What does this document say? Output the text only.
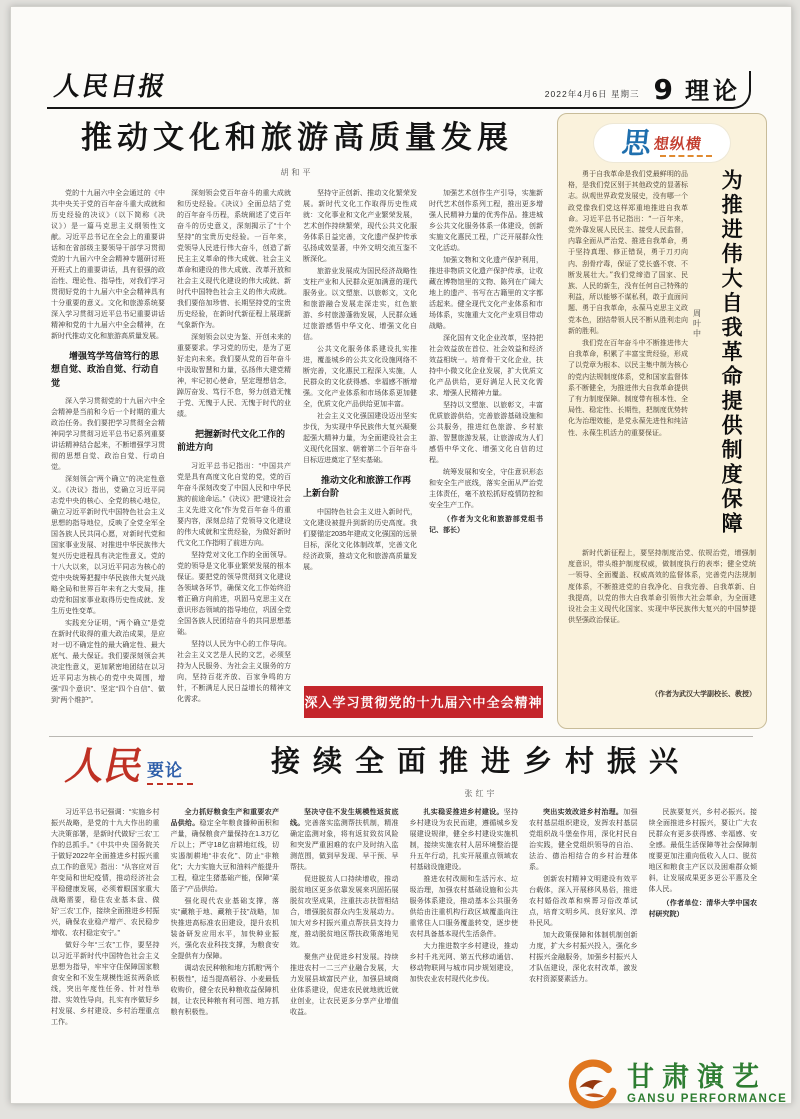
人民日报	2022年4月6日 星期三 9 理论
推动文化和旅游高质量发展
胡和平
深入学习贯彻党的十九届六中全会精神

党的十九届六中全会通过的《中共中央关于党的百年奋斗重大成就和历史经验的决议》（以下简称《决议》）是一篇马克思主义纲领性文献。习近平总书记在全会上的重要讲话和在省部级主要领导干部学习贯彻党的十九届六中全会精神专题研讨班开班式上的重要讲话，具有很强的政治性、理论性、指导性，对我们学习贯彻好党的十九届六中全会精神具有十分重要的意义。文化和旅游系统要深入学习贯彻习近平总书记重要讲话精神和党的十九届六中全会精神，在新时代推动文化和旅游高质量发展。

增强笃学笃信笃行的思想自觉、政治自觉、行动自觉

深入学习贯彻党的十九届六中全会精神是当前和今后一个时期的重大政治任务。我们要把学习贯彻全会精神同学习贯彻习近平总书记系列重要讲话精神结合起来，不断增强学习贯彻的思想自觉、政治自觉、行动自觉。

深刻领会“两个确立”的决定性意义。《决议》指出，党确立习近平同志党中央的核心、全党的核心地位，确立习近平新时代中国特色社会主义思想的指导地位，反映了全党全军全国各族人民共同心愿，对新时代党和国家事业发展、对推进中华民族伟大复兴历史进程具有决定性意义。党的十八大以来，以习近平同志为核心的党中央统筹把握中华民族伟大复兴战略全局和世界百年未有之大变局，推动党和国家事业取得历史性成就、发生历史性变革。

实践充分证明，“两个确立”是党在新时代取得的重大政治成果，是应对一切不确定性的最大确定性、最大底气、最大保证。我们要深刻领会其决定性意义，更加紧密地团结在以习近平同志为核心的党中央周围，增强“四个意识”、坚定“四个自信”、做到“两个维护”。

深刻领会党百年奋斗的重大成就和历史经验。《决议》全面总结了党的百年奋斗历程，系统阐述了党百年奋斗的历史意义，深刻揭示了“十个坚持”的宝贵历史经验。一百年来，党领导人民进行伟大奋斗，创造了新民主主义革命的伟大成就、社会主义革命和建设的伟大成就、改革开放和社会主义现代化建设的伟大成就、新时代中国特色社会主义的伟大成就。我们要倍加珍惜、长期坚持党的宝贵历史经验，在新时代新征程上展现新气象新作为。

深刻领会以史为鉴、开创未来的重要要求。学习党的历史，是为了更好走向未来。我们要从党的百年奋斗中汲取智慧和力量，弘扬伟大建党精神，牢记初心使命，坚定理想信念，踔厉奋发、笃行不怠，努力创造无愧于党、无愧于人民、无愧于时代的业绩。

把握新时代文化工作的前进方向

习近平总书记指出：“中国共产党是具有高度文化自觉的党，党的百年奋斗深刻改变了中国人民和中华民族的前途命运。”《决议》把“建设社会主义先进文化”作为党百年奋斗的重要内容，深刻总结了党领导文化建设的伟大成就和宝贵经验，为做好新时代文化工作指明了前进方向。

坚持党对文化工作的全面领导。党的领导是文化事业繁荣发展的根本保证。要把党的领导贯彻到文化建设各领域各环节，确保文化工作始终沿着正确方向前进，巩固马克思主义在意识形态领域的指导地位，巩固全党全国各族人民团结奋斗的共同思想基础。

坚持以人民为中心的工作导向。社会主义文艺是人民的文艺，必须坚持为人民服务、为社会主义服务的方向，坚持百花齐放、百家争鸣的方针，不断满足人民日益增长的精神文化需求。

坚持守正创新、推动文化繁荣发展。新时代文化工作取得历史性成就：文化事业和文化产业繁荣发展，艺术创作持续繁荣，现代公共文化服务体系日益完善，文化遗产保护传承弘扬成效显著，中外文明交流互鉴不断深化。

旅游业发展成为国民经济战略性支柱产业和人民群众更加满意的现代服务业。以文塑旅、以旅彰文，文化和旅游融合发展走深走实，红色旅游、乡村旅游蓬勃发展，人民群众通过旅游感悟中华文化、增强文化自信。

公共文化服务体系建设扎实推进，覆盖城乡的公共文化设施网络不断完善，文化惠民工程深入实施，人民群众的文化获得感、幸福感不断增强。文化产业体系和市场体系更加健全，优质文化产品供给更加丰富。

社会主义文化强国建设迈出坚实步伐，为实现中华民族伟大复兴凝聚起强大精神力量，为全面建设社会主义现代化国家、朝着第二个百年奋斗目标迈进奠定了坚实基础。

推动文化和旅游工作再上新台阶

中国特色社会主义进入新时代，文化建设被提升到新的历史高度。我们要锚定2035年建成文化强国的远景目标，深化文化体制改革，完善文化经济政策，推动文化和旅游高质量发展。

加强艺术创作生产引导，实施新时代艺术创作系列工程，推出更多增强人民精神力量的优秀作品。推进城乡公共文化服务体系一体建设，创新实施文化惠民工程，广泛开展群众性文化活动。

加强文物和文化遗产保护利用，推进非物质文化遗产保护传承，让收藏在博物馆里的文物、陈列在广阔大地上的遗产、书写在古籍里的文字都活起来。健全现代文化产业体系和市场体系，实施重大文化产业项目带动战略。

深化国有文化企业改革，坚持把社会效益放在首位、社会效益和经济效益相统一。培育骨干文化企业，扶持中小微文化企业发展，扩大优质文化产品供给，更好满足人民文化需求、增强人民精神力量。

坚持以文塑旅、以旅彰文，丰富优质旅游供给，完善旅游基础设施和公共服务，推进红色旅游、乡村旅游、智慧旅游发展，让旅游成为人们感悟中华文化、增强文化自信的过程。

统筹发展和安全，守住意识形态和安全生产底线，落实全面从严治党主体责任，毫不放松抓好疫情防控和安全生产工作。

（作者为文化和旅游部党组书记、部长）

思 想纵横

勇于自我革命是我们党最鲜明的品格，是我们党区别于其他政党的显著标志。纵观世界政党发展史，没有哪一个政党像我们党这样郑重地推进自我革命。习近平总书记指出：“一百年来，党外靠发展人民民主、接受人民监督，内靠全面从严治党、推进自我革命，勇于坚持真理、修正错误，勇于刀刃向内、刮骨疗毒，保证了党长盛不衰、不断发展壮大。”我们党缔造了国家、民族、人民的新生，没有任何自己特殊的利益，所以能够不谋私利，敢于直面问题、勇于自我革命，永葆马克思主义政党本色，团结带领人民不断从胜利走向新的胜利。

我们党在百年奋斗中不断推进伟大自我革命，积累了丰富宝贵经验，形成了以党章为根本、以民主集中制为核心的党内法规制度体系，党和国家监督体系不断健全，为推进伟大自我革命提供了有力制度保障。制度带有根本性、全局性、稳定性、长期性，把制度优势转化为治理效能，是党永葆先进性和纯洁性、永葆生机活力的重要保证。

周叶中 为推进伟大自我革命提供制度保障

新时代新征程上，要坚持制度治党、依规治党，增强制度意识，带头维护制度权威，做制度执行的表率；健全党统一领导、全面覆盖、权威高效的监督体系，完善党内法规制度体系，不断推进党的自我净化、自我完善、自我革新、自我提高，以党的伟大自我革命引领伟大社会革命，为全面建设社会主义现代化国家、实现中华民族伟大复兴的中国梦提供坚强政治保证。

（作者为武汉大学副校长、教授）
人民 要论	接续全面推进乡村振兴
张红宇

习近平总书记强调：“实施乡村振兴战略，是党的十九大作出的重大决策部署，是新时代做好‘三农’工作的总抓手。”《中共中央 国务院关于做好2022年全面推进乡村振兴重点工作的意见》指出：“从容应对百年变局和世纪疫情，推动经济社会平稳健康发展，必须着眼国家重大战略需要，稳住农业基本盘、做好‘三农’工作，接续全面推进乡村振兴，确保农业稳产增产、农民稳步增收、农村稳定安宁。”

做好今年“三农”工作，要坚持以习近平新时代中国特色社会主义思想为指导，牢牢守住保障国家粮食安全和不发生规模性返贫两条底线，突出年度性任务、针对性举措、实效性导向，扎实有序做好乡村发展、乡村建设、乡村治理重点工作。

全力抓好粮食生产和重要农产品供给。稳定全年粮食播种面积和产量，确保粮食产量保持在1.3万亿斤以上；严守18亿亩耕地红线，切实遏制耕地“非农化”、防止“非粮化”；大力实施大豆和油料产能提升工程，稳定生猪基础产能，保障“菜篮子”产品供给。

强化现代农业基础支撑，落实“藏粮于地、藏粮于技”战略，加快推进高标准农田建设，提升农机装备研发应用水平，加快种业振兴，强化农业科技支撑，为粮食安全提供有力保障。

调动农民种粮和地方抓粮“两个积极性”，适当提高稻谷、小麦最低收购价，健全农民种粮收益保障机制，让农民种粮有利可图、地方抓粮有积极性。

坚决守住不发生规模性返贫底线。完善落实监测帮扶机制，精准确定监测对象，将有返贫致贫风险和突发严重困难的农户及时纳入监测范围，做到早发现、早干预、早帮扶。

促进脱贫人口持续增收，推动脱贫地区更多依靠发展来巩固拓展脱贫攻坚成果，注重扶志扶智相结合，增强脱贫群众内生发展动力。加大对乡村振兴重点帮扶县支持力度，推动脱贫地区帮扶政策落地见效。

聚焦产业促进乡村发展。持续推进农村一二三产业融合发展，大力发展县域富民产业，加强县域商业体系建设，促进农民就地就近就业创业，让农民更多分享产业增值收益。

扎实稳妥推进乡村建设。坚持乡村建设为农民而建，遵循城乡发展建设规律，健全乡村建设实施机制，接续实施农村人居环境整治提升五年行动，扎实开展重点领域农村基础设施建设。

推进农村改厕和生活污水、垃圾治理，加强农村基础设施和公共服务体系建设，推动基本公共服务供给由注重机构行政区域覆盖向注重常住人口服务覆盖转变，逐步使农村具备基本现代生活条件。

大力推进数字乡村建设，推动乡村千兆光网、第五代移动通信、移动物联网与城市同步规划建设，加快农业农村现代化步伐。

突出实效改进乡村治理。加强农村基层组织建设，发挥农村基层党组织战斗堡垒作用，深化村民自治实践，健全党组织领导的自治、法治、德治相结合的乡村治理体系。

创新农村精神文明建设有效平台载体，深入开展移风易俗，推进农村婚俗改革和殡葬习俗改革试点，培育文明乡风、良好家风、淳朴民风。

加大政策保障和体制机制创新力度，扩大乡村振兴投入，强化乡村振兴金融服务，加强乡村振兴人才队伍建设，深化农村改革，激发农村资源要素活力。

民族要复兴，乡村必振兴。接续全面推进乡村振兴，要让广大农民群众有更多获得感、幸福感、安全感。最低生活保障等社会保障制度要更加注重向低收入人口、脱贫地区和粮食主产区以及困难群众倾斜，让发展成果更多更公平惠及全体人民。

（作者单位：清华大学中国农村研究院）

甘肃演艺
GANSU PERFORMANCE
